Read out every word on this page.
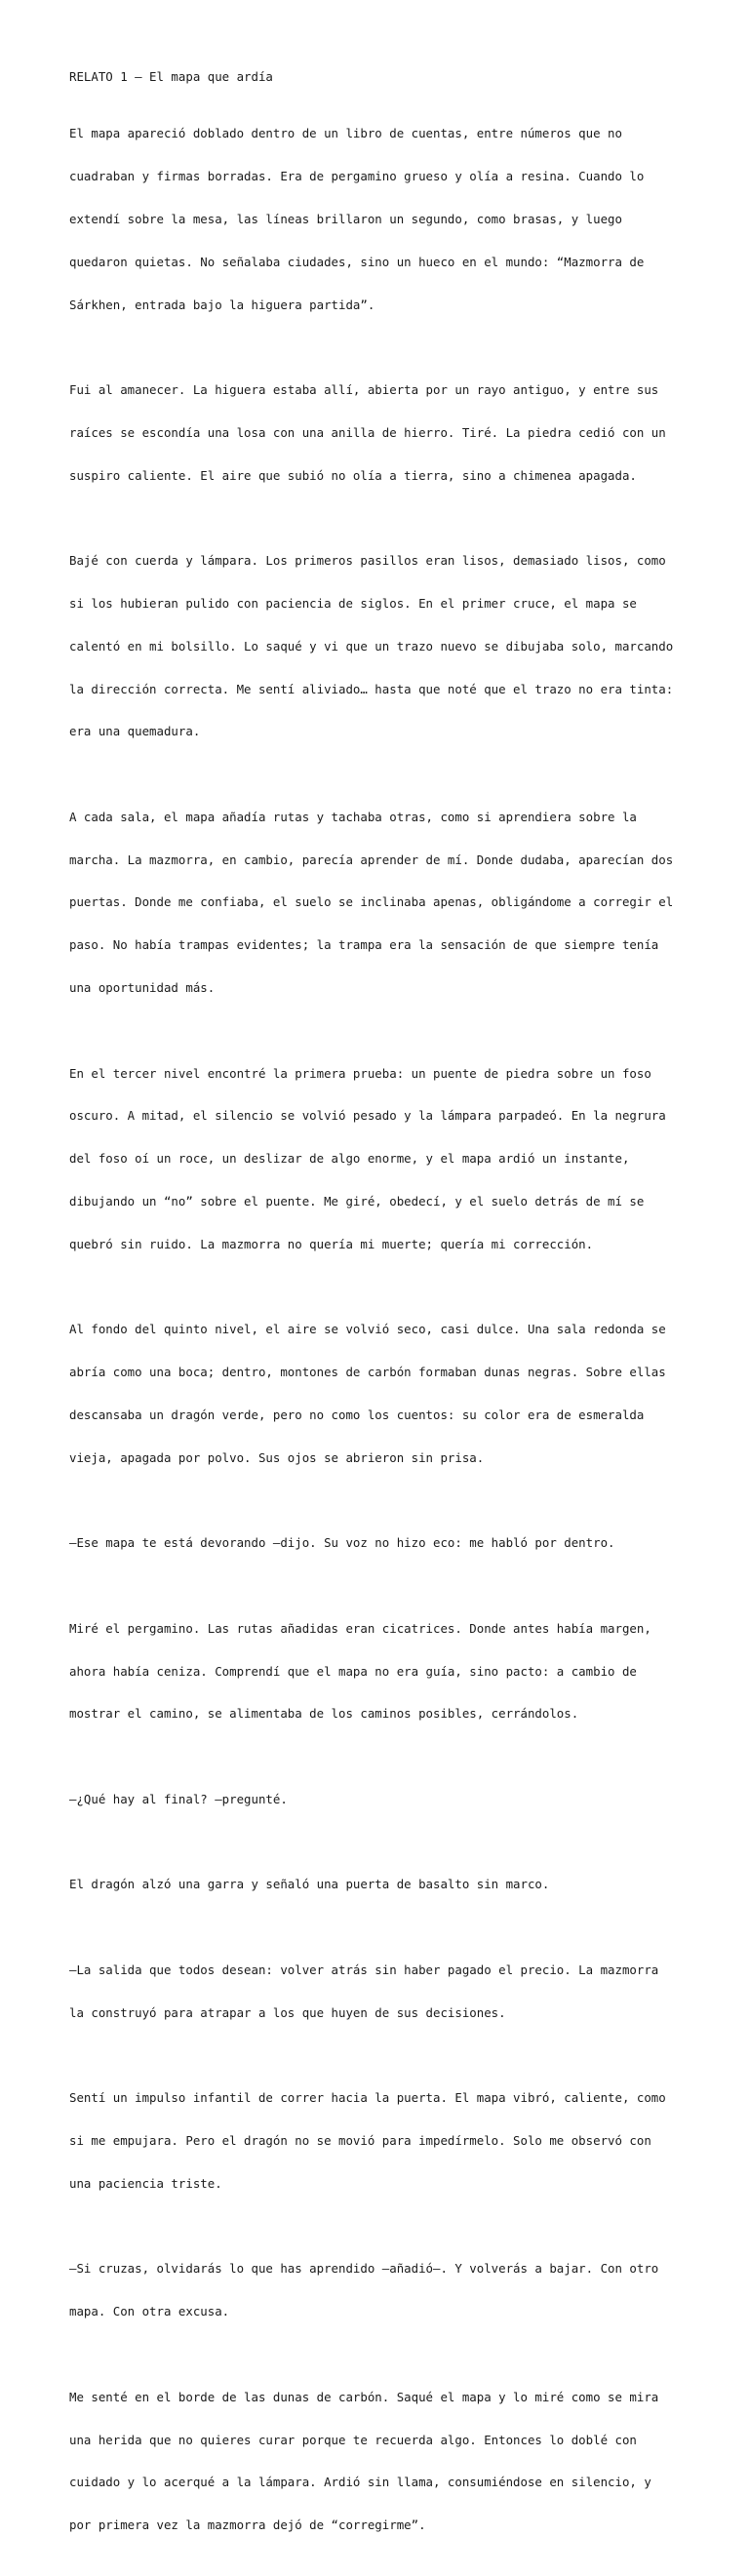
RELATO 1 — El mapa que ardía

El mapa apareció doblado dentro de un libro de cuentas, entre números que no

cuadraban y firmas borradas. Era de pergamino grueso y olía a resina. Cuando lo

extendí sobre la mesa, las líneas brillaron un segundo, como brasas, y luego

quedaron quietas. No señalaba ciudades, sino un hueco en el mundo: “Mazmorra de

Sárkhen, entrada bajo la higuera partida”.

Fui al amanecer. La higuera estaba allí, abierta por un rayo antiguo, y entre sus

raíces se escondía una losa con una anilla de hierro. Tiré. La piedra cedió con un

suspiro caliente. El aire que subió no olía a tierra, sino a chimenea apagada.

Bajé con cuerda y lámpara. Los primeros pasillos eran lisos, demasiado lisos, como

si los hubieran pulido con paciencia de siglos. En el primer cruce, el mapa se

calentó en mi bolsillo. Lo saqué y vi que un trazo nuevo se dibujaba solo, marcando

la dirección correcta. Me sentí aliviado… hasta que noté que el trazo no era tinta:

era una quemadura.

A cada sala, el mapa añadía rutas y tachaba otras, como si aprendiera sobre la

marcha. La mazmorra, en cambio, parecía aprender de mí. Donde dudaba, aparecían dos

puertas. Donde me confiaba, el suelo se inclinaba apenas, obligándome a corregir el

paso. No había trampas evidentes; la trampa era la sensación de que siempre tenía

una oportunidad más.

En el tercer nivel encontré la primera prueba: un puente de piedra sobre un foso

oscuro. A mitad, el silencio se volvió pesado y la lámpara parpadeó. En la negrura

del foso oí un roce, un deslizar de algo enorme, y el mapa ardió un instante,

dibujando un “no” sobre el puente. Me giré, obedecí, y el suelo detrás de mí se

quebró sin ruido. La mazmorra no quería mi muerte; quería mi corrección.

Al fondo del quinto nivel, el aire se volvió seco, casi dulce. Una sala redonda se

abría como una boca; dentro, montones de carbón formaban dunas negras. Sobre ellas

descansaba un dragón verde, pero no como los cuentos: su color era de esmeralda

vieja, apagada por polvo. Sus ojos se abrieron sin prisa.

—Ese mapa te está devorando —dijo. Su voz no hizo eco: me habló por dentro.

Miré el pergamino. Las rutas añadidas eran cicatrices. Donde antes había margen,

ahora había ceniza. Comprendí que el mapa no era guía, sino pacto: a cambio de

mostrar el camino, se alimentaba de los caminos posibles, cerrándolos.

—¿Qué hay al final? —pregunté.

El dragón alzó una garra y señaló una puerta de basalto sin marco.

—La salida que todos desean: volver atrás sin haber pagado el precio. La mazmorra

la construyó para atrapar a los que huyen de sus decisiones.

Sentí un impulso infantil de correr hacia la puerta. El mapa vibró, caliente, como

si me empujara. Pero el dragón no se movió para impedírmelo. Solo me observó con

una paciencia triste.

—Si cruzas, olvidarás lo que has aprendido —añadió—. Y volverás a bajar. Con otro

mapa. Con otra excusa.

Me senté en el borde de las dunas de carbón. Saqué el mapa y lo miré como se mira

una herida que no quieres curar porque te recuerda algo. Entonces lo doblé con

cuidado y lo acerqué a la lámpara. Ardió sin llama, consumiéndose en silencio, y

por primera vez la mazmorra dejó de “corregirme”.
